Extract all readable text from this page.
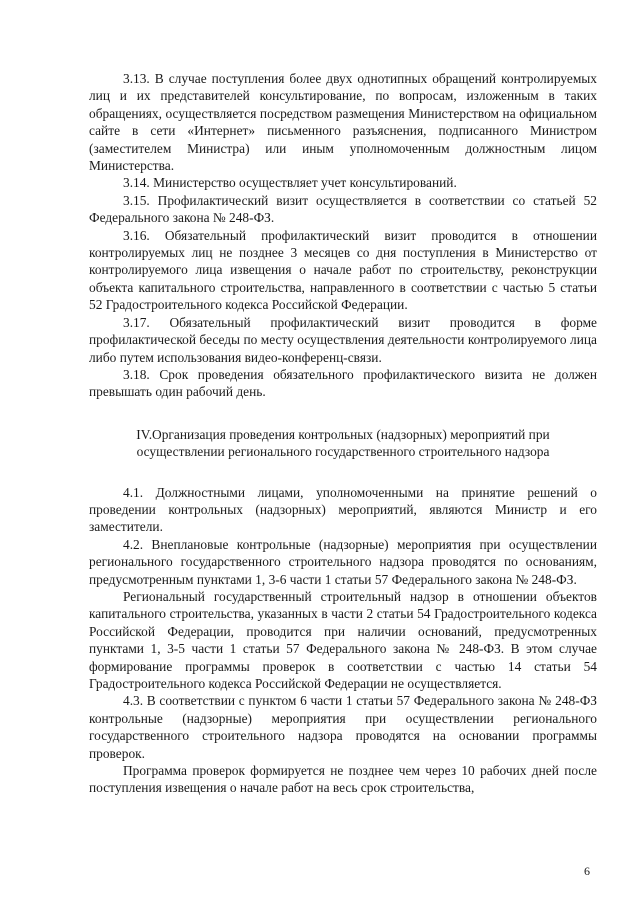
3.13. В случае поступления более двух однотипных обращений контролируемых лиц и их представителей консультирование, по вопросам, изложенным в таких обращениях, осуществляется посредством размещения Министерством на официальном сайте в сети «Интернет» письменного разъяснения, подписанного Министром (заместителем Министра) или иным уполномоченным должностным лицом Министерства.

3.14. Министерство осуществляет учет консультирований.

3.15. Профилактический визит осуществляется в соответствии со статьей 52 Федерального закона № 248-ФЗ.

3.16. Обязательный профилактический визит проводится в отношении контролируемых лиц не позднее 3 месяцев со дня поступления в Министерство от контролируемого лица извещения о начале работ по строительству, реконструкции объекта капитального строительства, направленного в соответствии с частью 5 статьи 52 Градостроительного кодекса Российской Федерации.

3.17. Обязательный профилактический визит проводится в форме профилактической беседы по месту осуществления деятельности контролируемого лица либо путем использования видео-конференц-связи.

3.18. Срок проведения обязательного профилактического визита не должен превышать один рабочий день.

IV.Организация проведения контрольных (надзорных) мероприятий при
осуществлении регионального государственного строительного надзора

4.1. Должностными лицами, уполномоченными на принятие решений о проведении контрольных (надзорных) мероприятий, являются Министр и его заместители.

4.2. Внеплановые контрольные (надзорные) мероприятия при осуществлении регионального государственного строительного надзора проводятся по основаниям, предусмотренным пунктами 1, 3-6 части 1 статьи 57 Федерального закона № 248-ФЗ.

Региональный государственный строительный надзор в отношении объектов капитального строительства, указанных в части 2 статьи 54 Градостроительного кодекса Российской Федерации, проводится при наличии оснований, предусмотренных пунктами 1, 3-5 части 1 статьи 57 Федерального закона № 248-ФЗ. В этом случае формирование программы проверок в соответствии с частью 14 статьи 54 Градостроительного кодекса Российской Федерации не осуществляется.

4.3. В соответствии с пунктом 6 части 1 статьи 57 Федерального закона № 248-ФЗ контрольные (надзорные) мероприятия при осуществлении регионального государственного строительного надзора проводятся на основании программы проверок.

Программа проверок формируется не позднее чем через 10 рабочих дней после поступления извещения о начале работ на весь срок строительства,

6
